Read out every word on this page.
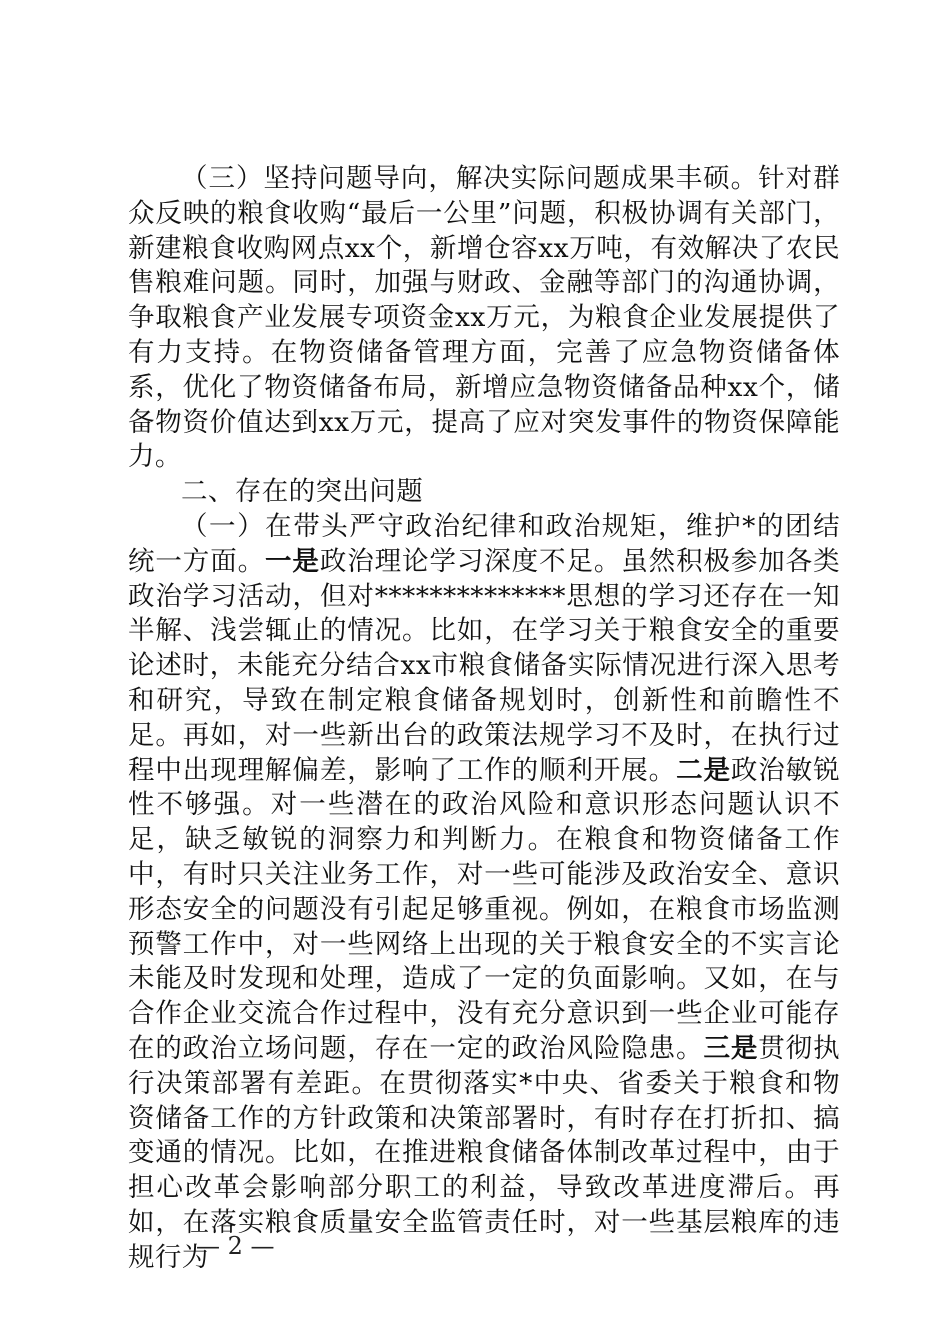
（三）坚持问题导向，解决实际问题成果丰硕。针对群众反映的粮食收购“最后一公里”问题，积极协调有关部门，新建粮食收购网点xx个，新增仓容xx万吨，有效解决了农民售粮难问题。同时，加强与财政、金融等部门的沟通协调，争取粮食产业发展专项资金xx万元，为粮食企业发展提供了有力支持。在物资储备管理方面，完善了应急物资储备体系，优化了物资储备布局，新增应急物资储备品种xx个，储备物资价值达到xx万元，提高了应对突发事件的物资保障能力。

二、存在的突出问题

（一）在带头严守政治纪律和政治规矩，维护*的团结统一方面。一是政治理论学习深度不足。虽然积极参加各类政治学习活动，但对**************思想的学习还存在一知半解、浅尝辄止的情况。比如，在学习关于粮食安全的重要论述时，未能充分结合xx市粮食储备实际情况进行深入思考和研究，导致在制定粮食储备规划时，创新性和前瞻性不足。再如，对一些新出台的政策法规学习不及时，在执行过程中出现理解偏差，影响了工作的顺利开展。二是政治敏锐性不够强。对一些潜在的政治风险和意识形态问题认识不足，缺乏敏锐的洞察力和判断力。在粮食和物资储备工作中，有时只关注业务工作，对一些可能涉及政治安全、意识形态安全的问题没有引起足够重视。例如，在粮食市场监测预警工作中，对一些网络上出现的关于粮食安全的不实言论未能及时发现和处理，造成了一定的负面影响。又如，在与合作企业交流合作过程中，没有充分意识到一些企业可能存在的政治立场问题，存在一定的政治风险隐患。三是贯彻执行决策部署有差距。在贯彻落实*中央、省委关于粮食和物资储备工作的方针政策和决策部署时，有时存在打折扣、搞变通的情况。比如，在推进粮食储备体制改革过程中，由于担心改革会影响部分职工的利益，导致改革进度滞后。再如，在落实粮食质量安全监管责任时，对一些基层粮库的违规行为

— 2 —
